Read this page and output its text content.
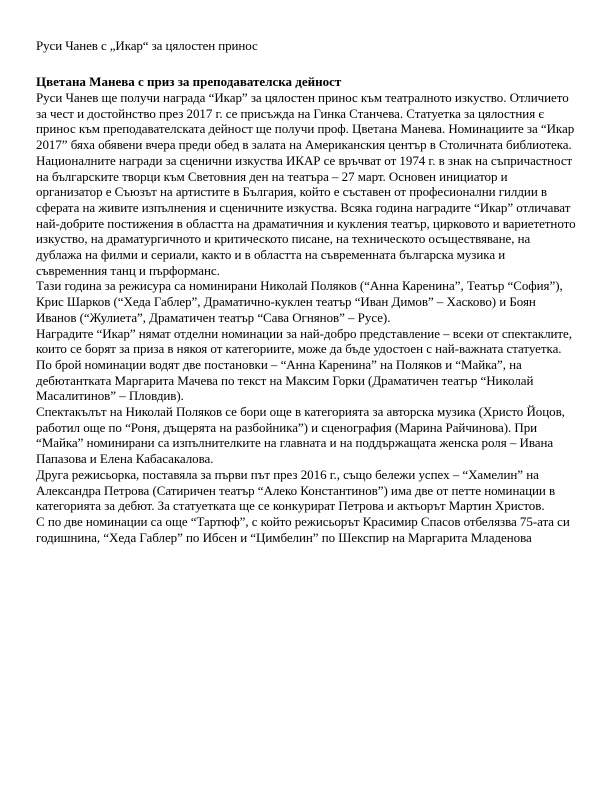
Руси Чанев с „Икар“ за цялостен принос
Цветана Манева с приз за преподавателска дейност
Руси Чанев ще получи награда “Икар” за цялостен принос към театралното изкуство. Отличието за чест и достойнство през 2017 г. се присъжда на Гинка Станчева. Статуетка за цялостния є принос към преподавателската дейност ще получи проф. Цветана Манева. Номинациите за “Икар 2017” бяха обявени вчера преди обед в залата на Американския център в Столичната библиотека.
Националните награди за сценични изкуства ИКАР се връчват от 1974 г. в знак на съпричастност на българските творци към Световния ден на театъра – 27 март. Основен инициатор и организатор е Съюзът на артистите в България, който е съставен от професионални гилдии в сферата на живите изпълнения и сценичните изкуства. Всяка година наградите “Икар” отличават най-добрите постижения в областта на драматичния и кукления театър, цирковото и вариететното изкуство, на драматургичното и критическото писане, на техническото осъществяване, на дублажа на филми и сериали, както и в областта на съвременната българска музика и съвременния танц и пърформанс.
Тази година за режисура са номинирани Николай Поляков (“Анна Каренина”, Театър “София”), Крис Шарков (“Хеда Габлер”, Драматично-куклен театър “Иван Димов” – Хасково) и Боян Иванов (“Жулиета”, Драматичен театър “Сава Огнянов” – Русе).
Наградите “Икар” нямат отделни номинации за най-добро представление – всеки от спектаклите, които се борят за приза в някоя от категориите, може да бъде удостоен с най-важната статуетка.
По брой номинации водят две постановки – “Анна Каренина” на Поляков и “Майка”, на дебютантката Маргарита Мачева по текст на Максим Горки (Драматичен театър “Николай Масалитинов” – Пловдив).
Спектакълът на Николай Поляков се бори още в категорията за авторска музика (Христо Йоцов, работил още по “Роня, дъщерята на разбойника”) и сценография (Марина Райчинова). При “Майка” номинирани са изпълнителките на главната и на поддържащата женска роля – Ивана Папазова и Елена Кабасакалова.
Друга режисьорка, поставяла за първи път през 2016 г., също бележи успех – “Хамелин” на Александра Петрова (Сатиричен театър “Алеко Константинов”) има две от петте номинации в категорията за дебют. За статуетката ще се конкурират Петрова и актьорът Мартин Христов.
С по две номинации са още “Тартюф”, с който режисьорът Красимир Спасов отбелязва 75-ата си годишнина, “Хеда Габлер” по Ибсен и “Цимбелин” по Шекспир на Маргарита Младенова
